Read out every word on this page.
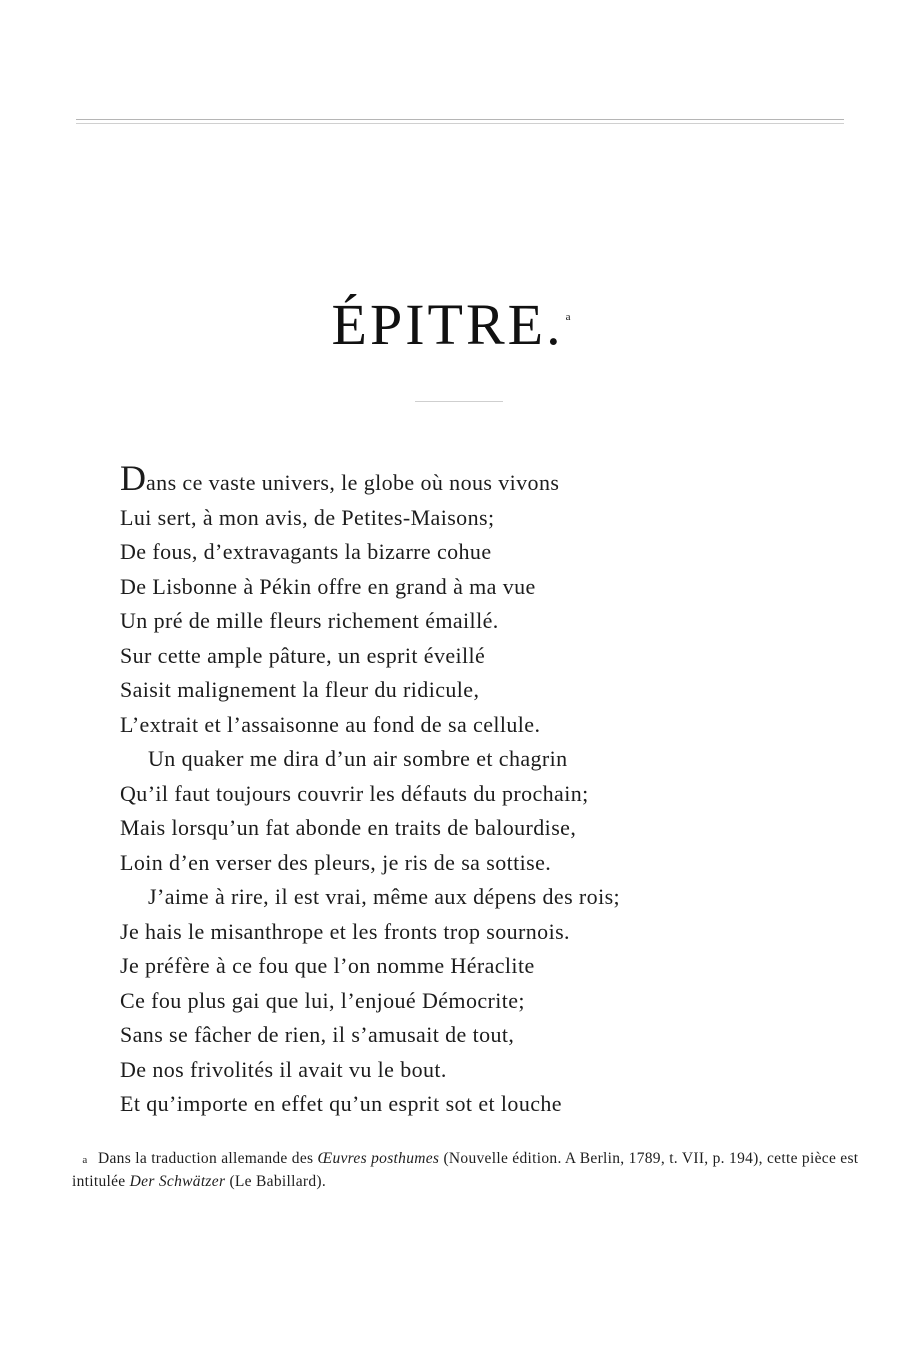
ÉPITRE. $^a$
Dans ce vaste univers, le globe où nous vivons
Lui sert, à mon avis, de Petites-Maisons;
De fous, d’extravagants la bizarre cohue
De Lisbonne à Pékin offre en grand à ma vue
Un pré de mille fleurs richement émaillé.
Sur cette ample pâture, un esprit éveillé
Saisit malignement la fleur du ridicule,
L’extrait et l’assaisonne au fond de sa cellule.
Un quaker me dira d’un air sombre et chagrin
Qu’il faut toujours couvrir les défauts du prochain;
Mais lorsqu’un fat abonde en traits de balourdise,
Loin d’en verser des pleurs, je ris de sa sottise.
J’aime à rire, il est vrai, même aux dépens des rois;
Je hais le misanthrope et les fronts trop sournois.
Je préfère à ce fou que l’on nomme Héraclite
Ce fou plus gai que lui, l’enjoué Démocrite;
Sans se fâcher de rien, il s’amusait de tout,
De nos frivolités il avait vu le bout.
Et qu’importe en effet qu’un esprit sot et louche
a Dans la traduction allemande des Œuvres posthumes (Nouvelle édition. A Berlin, 1789, t. VII, p. 194), cette pièce est intitulée Der Schwätzer (Le Babillard).
